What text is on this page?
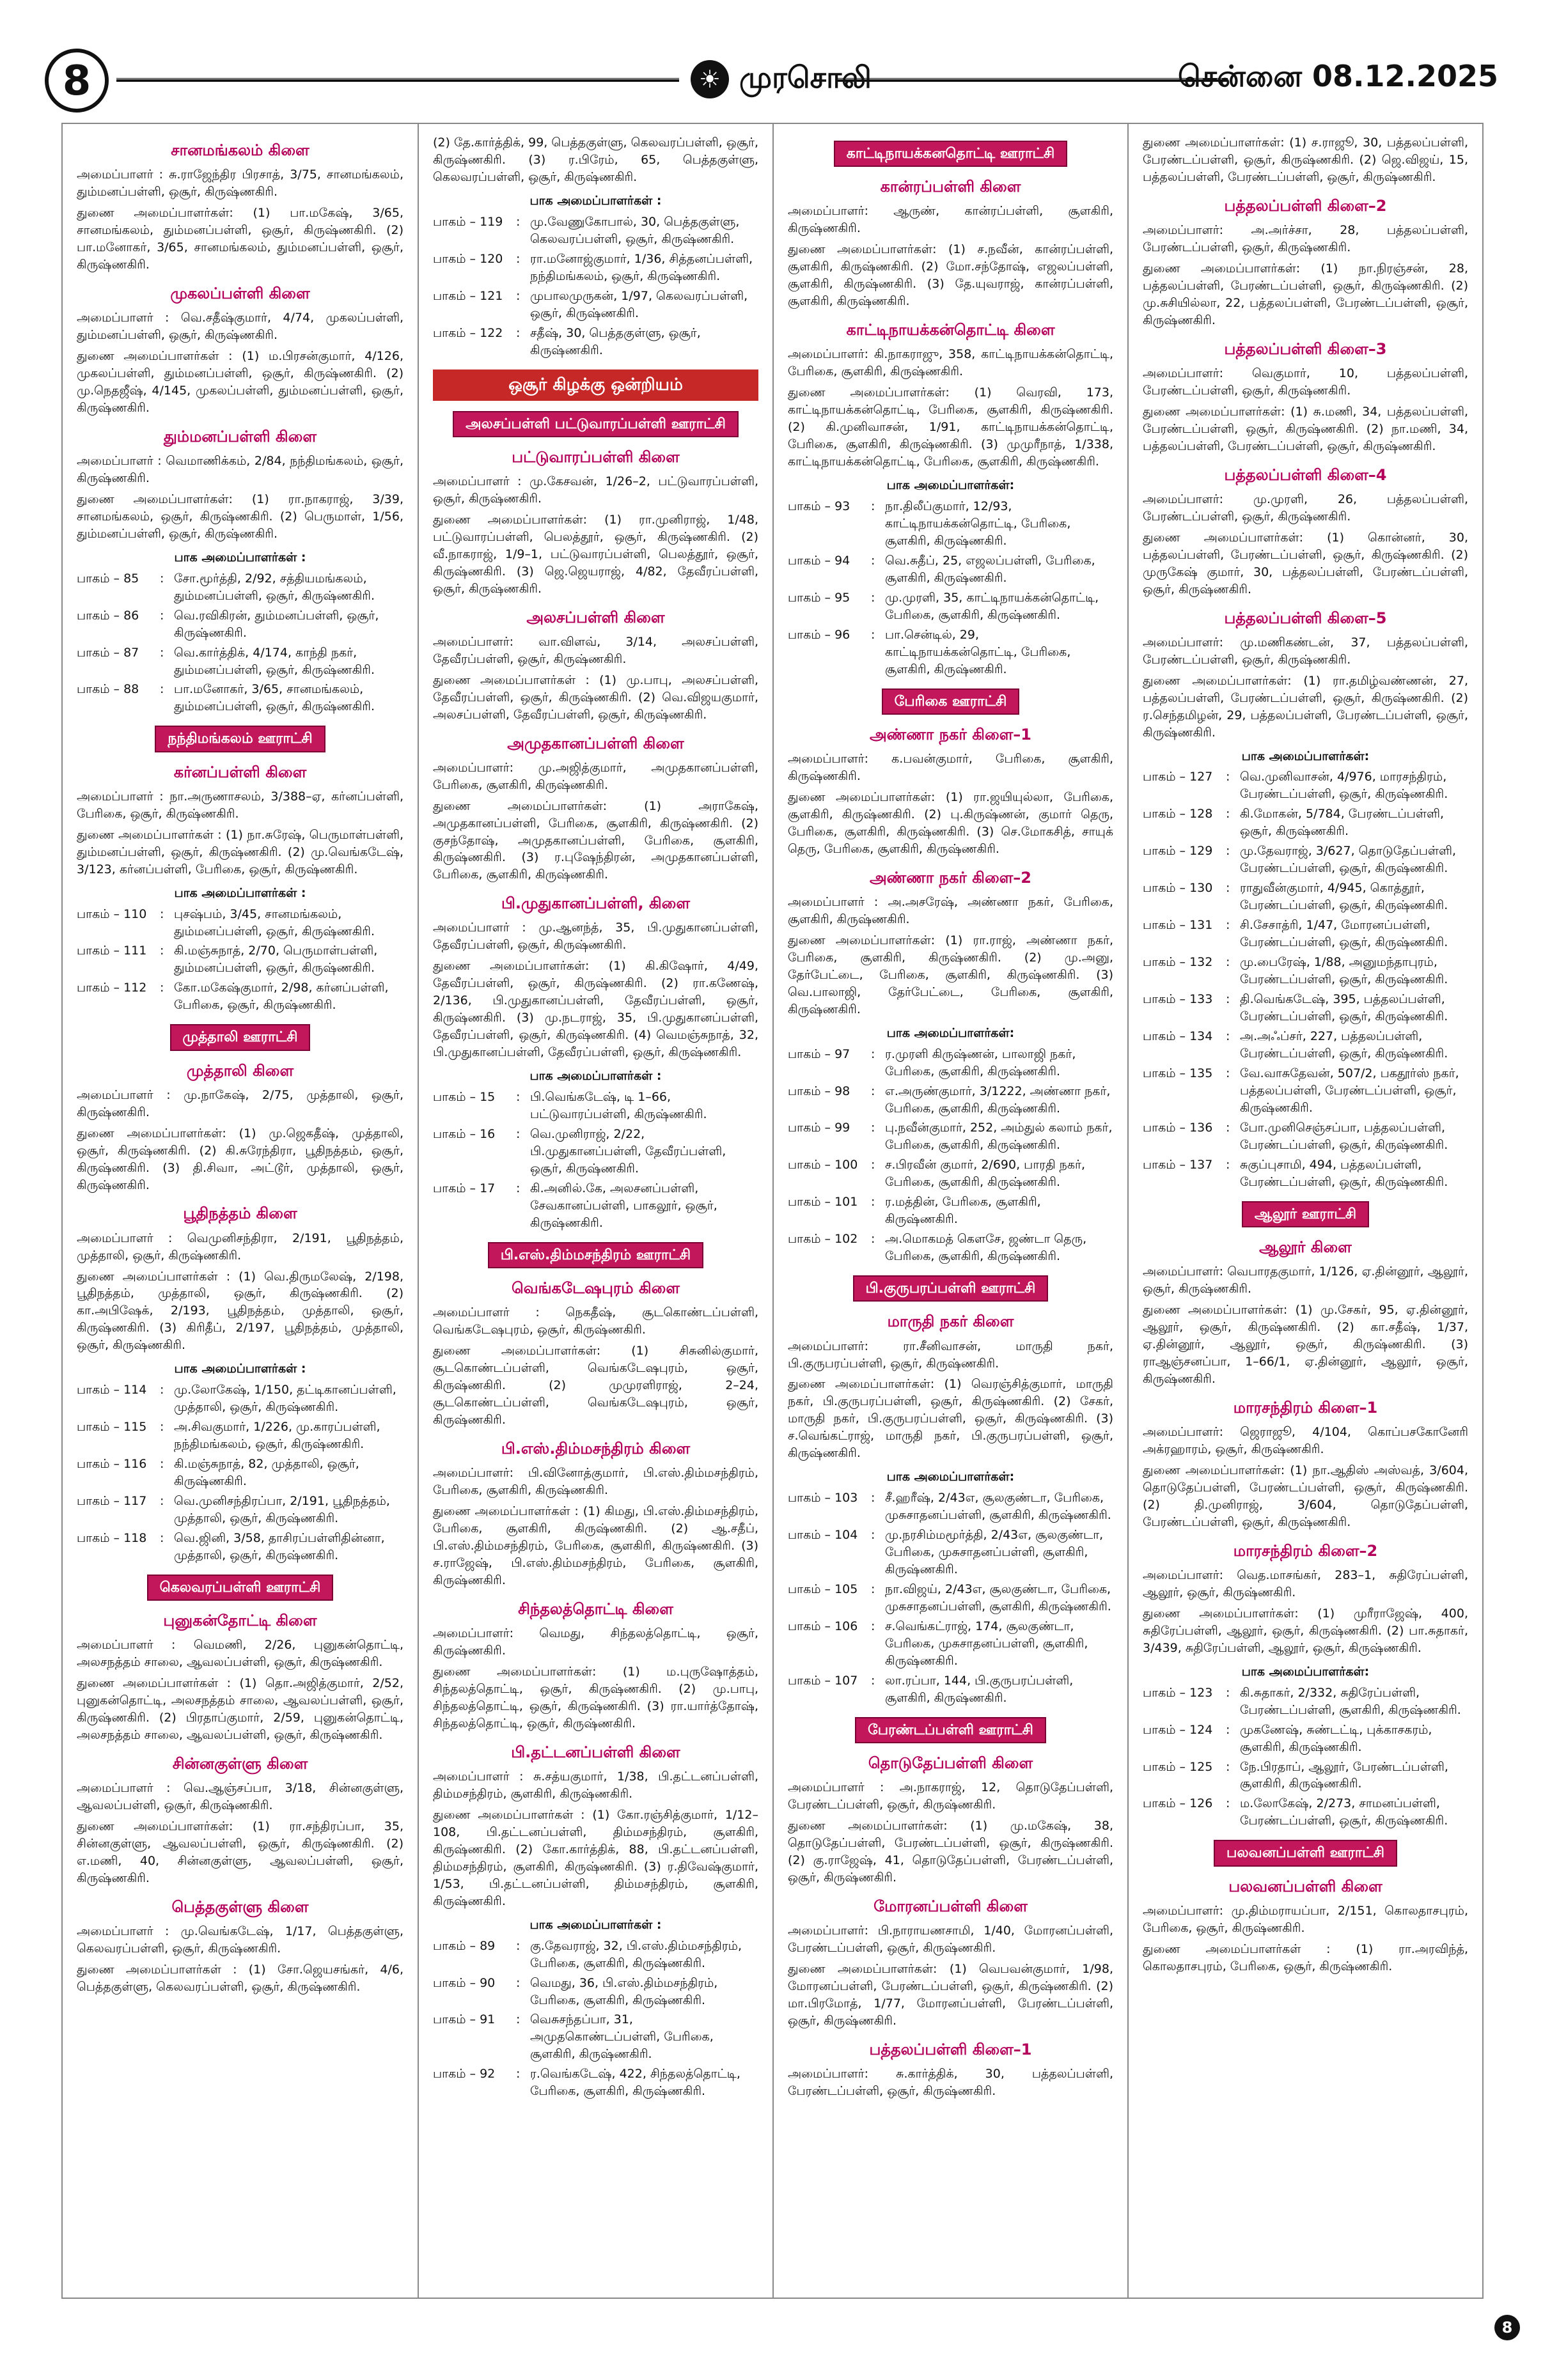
8	☀ முரசொலி	சென்னை 08.12.2025
சானமங்கலம் கிளை

அமைப்பாளர் : சு.ராஜேந்திர பிரசாத், 3/75, சானமங்கலம், தும்மனப்பள்ளி, ஒசூர், கிருஷ்ணகிரி.

துணை அமைப்பாளர்கள்: (1) பா.மகேஷ், 3/65, சானமங்கலம், தும்மனப்பள்ளி, ஒசூர், கிருஷ்ணகிரி. (2) பா.மனோகர், 3/65, சானமங்கலம், தும்மனப்பள்ளி, ஒசூர், கிருஷ்ணகிரி.

முகலப்பள்ளி கிளை

அமைப்பாளர் : வெ.சதீஷ்குமார், 4/74, முகலப்பள்ளி, தும்மனப்பள்ளி, ஒசூர், கிருஷ்ணகிரி.

துணை அமைப்பாளர்கள் : (1) ம.பிரசன்குமார், 4/126, முகலப்பள்ளி, தும்மனப்பள்ளி, ஒசூர், கிருஷ்ணகிரி. (2) மு.நெதஜீஷ், 4/145, முகலப்பள்ளி, தும்மனப்பள்ளி, ஒசூர், கிருஷ்ணகிரி.

தும்மனப்பள்ளி கிளை

அமைப்பாளர் : வெமாணிக்கம், 2/84, நந்திமங்கலம், ஒசூர், கிருஷ்ணகிரி.

துணை அமைப்பாளர்கள்: (1) ரா.நாகராஜ், 3/39, சானமங்கலம், ஒசூர், கிருஷ்ணகிரி. (2) பெருமாள், 1/56, தும்மனப்பள்ளி, ஒசூர், கிருஷ்ணகிரி.

பாக அமைப்பாளர்கள் :
பாகம் – 85	: சோ.மூர்த்தி, 2/92, சத்தியமங்கலம், தும்மனப்பள்ளி, ஒசூர், கிருஷ்ணகிரி.
பாகம் – 86	: வெ.ரவிகிரன், தும்மனப்பள்ளி, ஒசூர், கிருஷ்ணகிரி.
பாகம் – 87	: வெ.கார்த்திக், 4/174, காந்தி நகர், தும்மனப்பள்ளி, ஒசூர், கிருஷ்ணகிரி.
பாகம் – 88	: பா.மனோகர், 3/65, சானமங்கலம், தும்மனப்பள்ளி, ஒசூர், கிருஷ்ணகிரி.
நந்திமங்கலம் ஊராட்சி
கர்னப்பள்ளி கிளை

அமைப்பாளர் : நா.அருணாசலம், 3/388–ஏ, கர்னப்பள்ளி, பேரிகை, ஒசூர், கிருஷ்ணகிரி.

துணை அமைப்பாளர்கள் : (1) நா.சுரேஷ், பெருமாள்பள்ளி, தும்மனப்பள்ளி, ஒசூர், கிருஷ்ணகிரி. (2) மு.வெங்கடேஷ், 3/123, கர்னப்பள்ளி, பேரிகை, ஒசூர், கிருஷ்ணகிரி.

பாக அமைப்பாளர்கள் :
பாகம் – 110	: புசஷ்பம், 3/45, சானமங்கலம், தும்மனப்பள்ளி, ஒசூர், கிருஷ்ணகிரி.
பாகம் – 111	: கி.மஞ்சுநாத், 2/70, பெருமாள்பள்ளி, தும்மனப்பள்ளி, ஒசூர், கிருஷ்ணகிரி.
பாகம் – 112	: கோ.மகேஷ்குமார், 2/98, கர்னப்பள்ளி, பேரிகை, ஒசூர், கிருஷ்ணகிரி.
முத்தாலி ஊராட்சி
முத்தாலி கிளை

அமைப்பாளர் : மு.நாகேஷ், 2/75, முத்தாலி, ஒசூர், கிருஷ்ணகிரி.

துணை அமைப்பாளர்கள்: (1) மு.ஜெகதீஷ், முத்தாலி, ஒசூர், கிருஷ்ணகிரி. (2) கி.சுரேந்திரா, பூதிநத்தம், ஒசூர், கிருஷ்ணகிரி. (3) தி.சிவா, அட்டூர், முத்தாலி, ஒசூர், கிருஷ்ணகிரி.

பூதிநத்தம் கிளை

அமைப்பாளர் : வெமுனிசந்திரா, 2/191, பூதிநத்தம், முத்தாலி, ஒசூர், கிருஷ்ணகிரி.

துணை அமைப்பாளர்கள் : (1) வெ.திருமலேஷ், 2/198, பூதிநத்தம், முத்தாலி, ஒசூர், கிருஷ்ணகிரி. (2) கா.அபிஷேக், 2/193, பூதிநத்தம், முத்தாலி, ஒசூர், கிருஷ்ணகிரி. (3) கிரிதீப், 2/197, பூதிநத்தம், முத்தாலி, ஒசூர், கிருஷ்ணகிரி.

பாக அமைப்பாளர்கள் :
பாகம் – 114	: மு.லோகேஷ், 1/150, தட்டிகானப்பள்ளி, முத்தாலி, ஒசூர், கிருஷ்ணகிரி.
பாகம் – 115	: அ.சிவகுமார், 1/226, மு.காரப்பள்ளி, நந்திமங்கலம், ஒசூர், கிருஷ்ணகிரி.
பாகம் – 116	: கி.மஞ்சுநாத், 82, முத்தாலி, ஒசூர், கிருஷ்ணகிரி.
பாகம் – 117	: வெ.முனிசந்திரப்பா, 2/191, பூதிநத்தம், முத்தாலி, ஒசூர், கிருஷ்ணகிரி.
பாகம் – 118	: வெ.ஜினி, 3/58, தாசிரப்பள்ளிதின்னா, முத்தாலி, ஒசூர், கிருஷ்ணகிரி.
கெலவரப்பள்ளி ஊராட்சி
புனுகன்தோட்டி கிளை

அமைப்பாளர் : வெமணி, 2/26, புனுகன்தொட்டி, அலசநத்தம் சாலை, ஆவலப்பள்ளி, ஒசூர், கிருஷ்ணகிரி.

துணை அமைப்பாளர்கள் : (1) தொ.அஜித்குமார், 2/52, புனுகன்தொட்டி, அலசநத்தம் சாலை, ஆவலப்பள்ளி, ஒசூர், கிருஷ்ணகிரி. (2) பிரதாப்குமார், 2/59, புனுகன்தொட்டி, அலசநத்தம் சாலை, ஆவலப்பள்ளி, ஒசூர், கிருஷ்ணகிரி.

சின்னகுள்ளு கிளை

அமைப்பாளர் : வெ.ஆஞ்சப்பா, 3/18, சின்னகுள்ளு, ஆவலப்பள்ளி, ஒசூர், கிருஷ்ணகிரி.

துணை அமைப்பாளர்கள்: (1) ரா.சந்திரப்பா, 35, சின்னகுள்ளு, ஆவலப்பள்ளி, ஒசூர், கிருஷ்ணகிரி. (2) எ.மணி, 40, சின்னகுள்ளு, ஆவலப்பள்ளி, ஒசூர், கிருஷ்ணகிரி.

பெத்தகுள்ளு கிளை

அமைப்பாளர் : மு.வெங்கடேஷ், 1/17, பெத்தகுள்ளு, கெலவரப்பள்ளி, ஒசூர், கிருஷ்ணகிரி.

துணை அமைப்பாளர்கள் : (1) சோ.ஜெயசங்கர், 4/6, பெத்தகுள்ளு, கெலவரப்பள்ளி, ஒசூர், கிருஷ்ணகிரி.

(2) தே.கார்த்திக், 99, பெத்தகுள்ளு, கெலவரப்பள்ளி, ஒசூர், கிருஷ்ணகிரி. (3) ர.பிரேம், 65, பெத்தகுள்ளு, கெலவரப்பள்ளி, ஒசூர், கிருஷ்ணகிரி.

பாக அமைப்பாளர்கள் :
பாகம் – 119	: மு.வேணுகோபால், 30, பெத்தகுள்ளு, கெலவரப்பள்ளி, ஒசூர், கிருஷ்ணகிரி.
பாகம் – 120	: ரா.மனோஜ்குமார், 1/36, சித்தனப்பள்ளி, நந்திமங்கலம், ஒசூர், கிருஷ்ணகிரி.
பாகம் – 121	: முபாலமுருகன், 1/97, கெலவரப்பள்ளி, ஒசூர், கிருஷ்ணகிரி.
பாகம் – 122	: சதீஷ், 30, பெத்தகுள்ளு, ஒசூர், கிருஷ்ணகிரி.
ஒசூர் கிழக்கு ஒன்றியம்
அலசப்பள்ளி பட்டுவாரப்பள்ளி ஊராட்சி
பட்டுவாரப்பள்ளி கிளை

அமைப்பாளர் : மு.கேசவன், 1/26–2, பட்டுவாரப்பள்ளி, ஒசூர், கிருஷ்ணகிரி.

துணை அமைப்பாளர்கள்: (1) ரா.முனிராஜ், 1/48, பட்டுவாரப்பள்ளி, பெலத்தூர், ஒசூர், கிருஷ்ணகிரி. (2) வீ.நாகராஜ், 1/9–1, பட்டுவாரப்பள்ளி, பெலத்தூர், ஒசூர், கிருஷ்ணகிரி. (3) ஜெ.ஜெயராஜ், 4/82, தேவீரப்பள்ளி, ஒசூர், கிருஷ்ணகிரி.

அலசப்பள்ளி கிளை

அமைப்பாளர்: வா.விளவ், 3/14, அலசப்பள்ளி, தேவீரப்பள்ளி, ஒசூர், கிருஷ்ணகிரி.

துணை அமைப்பாளர்கள் : (1) மு.பாபு, அலசப்பள்ளி, தேவீரப்பள்ளி, ஒசூர், கிருஷ்ணகிரி. (2) வெ.விஜயகுமார், அலசப்பள்ளி, தேவீரப்பள்ளி, ஒசூர், கிருஷ்ணகிரி.

அமுதகானப்பள்ளி கிளை

அமைப்பாளர்: மு.அஜித்குமார், அமுதகானப்பள்ளி, பேரிகை, சூளகிரி, கிருஷ்ணகிரி.

துணை அமைப்பாளர்கள்: (1) அராகேஷ், அமுதகானப்பள்ளி, பேரிகை, சூளகிரி, கிருஷ்ணகிரி. (2) குசந்தோஷ், அமுதகானப்பள்ளி, பேரிகை, சூளகிரி, கிருஷ்ணகிரி. (3) ர.புஷேந்திரன், அமுதகானப்பள்ளி, பேரிகை, சூளகிரி, கிருஷ்ணகிரி.

பி.முதுகானப்பள்ளி, கிளை

அமைப்பாளர் : மு.ஆனந்த், 35, பி.முதுகானப்பள்ளி, தேவீரப்பள்ளி, ஒசூர், கிருஷ்ணகிரி.

துணை அமைப்பாளர்கள்: (1) கி.கிஷோர், 4/49, தேவீரப்பள்ளி, ஒசூர், கிருஷ்ணகிரி. (2) ரா.கணேஷ், 2/136, பி.முதுகானப்பள்ளி, தேவீரப்பள்ளி, ஒசூர், கிருஷ்ணகிரி. (3) மு.நடராஜ், 35, பி.முதுகானப்பள்ளி, தேவீரப்பள்ளி, ஒசூர், கிருஷ்ணகிரி. (4) வெமஞ்சுநாத், 32, பி.முதுகானப்பள்ளி, தேவீரப்பள்ளி, ஒசூர், கிருஷ்ணகிரி.

பாக அமைப்பாளர்கள் :
பாகம் – 15	: பி.வெங்கடேஷ், டி 1–66, பட்டுவாரப்பள்ளி, கிருஷ்ணகிரி.
பாகம் – 16	: வெ.முனிராஜ், 2/22, பி.முதுகானப்பள்ளி, தேவீரப்பள்ளி, ஒசூர், கிருஷ்ணகிரி.
பாகம் – 17	: கி.அனில்.கே, அலசனப்பள்ளி, சேவகானப்பள்ளி, பாகலூர், ஒசூர், கிருஷ்ணகிரி.
பி.எஸ்.திம்மசந்திரம் ஊராட்சி
வெங்கடேஷபுரம் கிளை

அமைப்பாளர் : நெகதீஷ், சூடகொண்டப்பள்ளி, வெங்கடேஷபுரம், ஒசூர், கிருஷ்ணகிரி.

துணை அமைப்பாளர்கள்: (1) சிசுனில்குமார், சூடகொண்டப்பள்ளி, வெங்கடேஷபுரம், ஒசூர், கிருஷ்ணகிரி. (2) முமுரளிராஜ், 2–24, சூடகொண்டப்பள்ளி, வெங்கடேஷபுரம், ஒசூர், கிருஷ்ணகிரி.

பி.எஸ்.திம்மசந்திரம் கிளை

அமைப்பாளர்: பி.வினோத்குமார், பி.எஸ்.திம்மசந்திரம், பேரிகை, சூளகிரி, கிருஷ்ணகிரி.

துணை அமைப்பாளர்கள் : (1) கிமது, பி.எஸ்.திம்மசந்திரம், பேரிகை, சூளகிரி, கிருஷ்ணகிரி. (2) ஆ.சதீப், பி.எஸ்.திம்மசந்திரம், பேரிகை, சூளகிரி, கிருஷ்ணகிரி. (3) ச.ராஜேஷ், பி.எஸ்.திம்மசந்திரம், பேரிகை, சூளகிரி, கிருஷ்ணகிரி.

சிந்தலத்தொட்டி கிளை

அமைப்பாளர்: வெமது, சிந்தலத்தொட்டி, ஒசூர், கிருஷ்ணகிரி.

துணை அமைப்பாளர்கள்: (1) ம.புருஷோத்தம், சிந்தலத்தொட்டி, ஒசூர், கிருஷ்ணகிரி. (2) மு.பாபு, சிந்தலத்தொட்டி, ஒசூர், கிருஷ்ணகிரி. (3) ரா.யார்த்தோஷ், சிந்தலத்தொட்டி, ஒசூர், கிருஷ்ணகிரி.

பி.தட்டனப்பள்ளி கிளை

அமைப்பாளர் : சு.சத்யகுமார், 1/38, பி.தட்டனப்பள்ளி, திம்மசந்திரம், சூளகிரி, கிருஷ்ணகிரி.

துணை அமைப்பாளர்கள் : (1) கோ.ரஞ்சித்குமார், 1/12–108, பி.தட்டனப்பள்ளி, திம்மசந்திரம், சூளகிரி, கிருஷ்ணகிரி. (2) கோ.கார்த்திக், 88, பி.தட்டனப்பள்ளி, திம்மசந்திரம், சூளகிரி, கிருஷ்ணகிரி. (3) ர.திவேஷ்குமார், 1/53, பி.தட்டனப்பள்ளி, திம்மசந்திரம், சூளகிரி, கிருஷ்ணகிரி.

பாக அமைப்பாளர்கள் :
பாகம் – 89	: கு.தேவராஜ், 32, பி.எஸ்.திம்மசந்திரம், பேரிகை, சூளகிரி, கிருஷ்ணகிரி.
பாகம் – 90	: வெமது, 36, பி.எஸ்.திம்மசந்திரம், பேரிகை, சூளகிரி, கிருஷ்ணகிரி.
பாகம் – 91	: வெசுசந்தப்பா, 31, அமுதகொண்டப்பள்ளி, பேரிகை, சூளகிரி, கிருஷ்ணகிரி.
பாகம் – 92	: ர.வெங்கடேஷ், 422, சிந்தலத்தொட்டி, பேரிகை, சூளகிரி, கிருஷ்ணகிரி.
காட்டிநாயக்கனதொட்டி ஊராட்சி
கான்ரப்பள்ளி கிளை

அமைப்பாளர்: ஆருண், கான்ரப்பள்ளி, சூளகிரி, கிருஷ்ணகிரி.

துணை அமைப்பாளர்கள்: (1) ச.நவீன், கான்ரப்பள்ளி, சூளகிரி, கிருஷ்ணகிரி. (2) மோ.சந்தோஷ், எஜலப்பள்ளி, சூளகிரி, கிருஷ்ணகிரி. (3) தே.யுவராஜ், கான்ரப்பள்ளி, சூளகிரி, கிருஷ்ணகிரி.

காட்டிநாயக்கன்தொட்டி கிளை

அமைப்பாளர்: கி.நாகராஜு, 358, காட்டிநாயக்கன்தொட்டி, பேரிகை, சூளகிரி, கிருஷ்ணகிரி.

துணை அமைப்பாளர்கள்: (1) வெரவி, 173, காட்டிநாயக்கன்தொட்டி, பேரிகை, சூளகிரி, கிருஷ்ணகிரி. (2) கி.முனிவாசன், 1/91, காட்டிநாயக்கன்தொட்டி, பேரிகை, சூளகிரி, கிருஷ்ணகிரி. (3) முமுரீநாத், 1/338, காட்டிநாயக்கன்தொட்டி, பேரிகை, சூளகிரி, கிருஷ்ணகிரி.

பாக அமைப்பாளர்கள்:
பாகம் – 93	: நா.திலீப்குமார், 12/93, காட்டிநாயக்கன்தொட்டி, பேரிகை, சூளகிரி, கிருஷ்ணகிரி.
பாகம் – 94	: வெ.சுதீப், 25, எஜலப்பள்ளி, பேரிகை, சூளகிரி, கிருஷ்ணகிரி.
பாகம் – 95	: மு.முரளி, 35, காட்டிநாயக்கன்தொட்டி, பேரிகை, சூளகிரி, கிருஷ்ணகிரி.
பாகம் – 96	: பா.சென்டில், 29, காட்டிநாயக்கன்தொட்டி, பேரிகை, சூளகிரி, கிருஷ்ணகிரி.
பேரிகை ஊராட்சி
அண்ணா நகர் கிளை–1

அமைப்பாளர்: க.பவன்குமார், பேரிகை, சூளகிரி, கிருஷ்ணகிரி.

துணை அமைப்பாளர்கள்: (1) ரா.ஜயியுல்லா, பேரிகை, சூளகிரி, கிருஷ்ணகிரி. (2) பு.கிருஷ்ணன், குமார் தெரு, பேரிகை, சூளகிரி, கிருஷ்ணகிரி. (3) செ.மோகசித், சாயுக் தெரு, பேரிகை, சூளகிரி, கிருஷ்ணகிரி.

அண்ணா நகர் கிளை–2

அமைப்பாளர் : அ.அசரேஷ், அண்ணா நகர், பேரிகை, சூளகிரி, கிருஷ்ணகிரி.

துணை அமைப்பாளர்கள்: (1) ரா.ராஜ், அண்ணா நகர், பேரிகை, சூளகிரி, கிருஷ்ணகிரி. (2) மு.அனு, தேர்பேட்டை, பேரிகை, சூளகிரி, கிருஷ்ணகிரி. (3) வெ.பாலாஜி, தேர்பேட்டை, பேரிகை, சூளகிரி, கிருஷ்ணகிரி.

பாக அமைப்பாளர்கள்:
பாகம் – 97	: ர.முரளி கிருஷ்ணன், பாலாஜி நகர், பேரிகை, சூளகிரி, கிருஷ்ணகிரி.
பாகம் – 98	: எ.அருண்குமார், 3/1222, அண்ணா நகர், பேரிகை, சூளகிரி, கிருஷ்ணகிரி.
பாகம் – 99	: பு.நவீன்குமார், 252, அம்துல் கலாம் நகர், பேரிகை, சூளகிரி, கிருஷ்ணகிரி.
பாகம் – 100	: ச.பிரவீன் குமார், 2/690, பாரதி நகர், பேரிகை, சூளகிரி, கிருஷ்ணகிரி.
பாகம் – 101	: ர.மத்தின், பேரிகை, சூளகிரி, கிருஷ்ணகிரி.
பாகம் – 102	: அ.மொகமத் கௌசே, ஜண்டா தெரு, பேரிகை, சூளகிரி, கிருஷ்ணகிரி.
பி.குருபரப்பள்ளி ஊராட்சி
மாருதி நகர் கிளை

அமைப்பாளர்: ரா.சீனிவாசன், மாருதி நகர், பி.குருபரப்பள்ளி, ஒசூர், கிருஷ்ணகிரி.

துணை அமைப்பாளர்கள்: (1) வெரஞ்சித்குமார், மாருதி நகர், பி.குருபரப்பள்ளி, ஒசூர், கிருஷ்ணகிரி. (2) சேகர், மாருதி நகர், பி.குருபரப்பள்ளி, ஒசூர், கிருஷ்ணகிரி. (3) ச.வெங்கட்ராஜ், மாருதி நகர், பி.குருபரப்பள்ளி, ஒசூர், கிருஷ்ணகிரி.

பாக அமைப்பாளர்கள்:
பாகம் – 103	: சீ.ஹரீஷ், 2/43எ, சூலகுண்டா, பேரிகை, முசுசாதனப்பள்ளி, சூளகிரி, கிருஷ்ணகிரி.
பாகம் – 104	: மு.நரசிம்மமூர்த்தி, 2/43எ, சூலகுண்டா, பேரிகை, முசுசாதனப்பள்ளி, சூளகிரி, கிருஷ்ணகிரி.
பாகம் – 105	: நா.விஜய், 2/43எ, சூலகுண்டா, பேரிகை, முசுசாதனப்பள்ளி, சூளகிரி, கிருஷ்ணகிரி.
பாகம் – 106	: ச.வெங்கட்ராஜ், 174, சூலகுண்டா, பேரிகை, முசுசாதனப்பள்ளி, சூளகிரி, கிருஷ்ணகிரி.
பாகம் – 107	: லா.ரப்பா, 144, பி.குருபரப்பள்ளி, சூளகிரி, கிருஷ்ணகிரி.
பேரண்டப்பள்ளி ஊராட்சி
தொடுதேப்பள்ளி கிளை

அமைப்பாளர் : அ.நாகராஜ், 12, தொடுதேப்பள்ளி, பேரண்டப்பள்ளி, ஒசூர், கிருஷ்ணகிரி.

துணை அமைப்பாளர்கள்: (1) மு.மகேஷ், 38, தொடுதேப்பள்ளி, பேரண்டப்பள்ளி, ஒசூர், கிருஷ்ணகிரி. (2) கு.ராஜேஷ், 41, தொடுதேப்பள்ளி, பேரண்டப்பள்ளி, ஒசூர், கிருஷ்ணகிரி.

மோரனப்பள்ளி கிளை

அமைப்பாளர்: பி.நாராயணசாமி, 1/40, மோரனப்பள்ளி, பேரண்டப்பள்ளி, ஒசூர், கிருஷ்ணகிரி.

துணை அமைப்பாளர்கள்: (1) வெபவன்குமார், 1/98, மோரனப்பள்ளி, பேரண்டப்பள்ளி, ஒசூர், கிருஷ்ணகிரி. (2) மா.பிரமோத், 1/77, மோரனப்பள்ளி, பேரண்டப்பள்ளி, ஒசூர், கிருஷ்ணகிரி.

பத்தலப்பள்ளி கிளை–1

அமைப்பாளர்: சு.கார்த்திக், 30, பத்தலப்பள்ளி, பேரண்டப்பள்ளி, ஒசூர், கிருஷ்ணகிரி.

துணை அமைப்பாளர்கள்: (1) ச.ராஜூ, 30, பத்தலப்பள்ளி, பேரண்டப்பள்ளி, ஒசூர், கிருஷ்ணகிரி. (2) ஜெ.விஜய், 15, பத்தலப்பள்ளி, பேரண்டப்பள்ளி, ஒசூர், கிருஷ்ணகிரி.

பத்தலப்பள்ளி கிளை–2

அமைப்பாளர்: அ.அர்ச்சா, 28, பத்தலப்பள்ளி, பேரண்டப்பள்ளி, ஒசூர், கிருஷ்ணகிரி.

துணை அமைப்பாளர்கள்: (1) நா.நிரஞ்சன், 28, பத்தலப்பள்ளி, பேரண்டப்பள்ளி, ஒசூர், கிருஷ்ணகிரி. (2) மு.சுசியில்லா, 22, பத்தலப்பள்ளி, பேரண்டப்பள்ளி, ஒசூர், கிருஷ்ணகிரி.

பத்தலப்பள்ளி கிளை–3

அமைப்பாளர்: வெகுமார், 10, பத்தலப்பள்ளி, பேரண்டப்பள்ளி, ஒசூர், கிருஷ்ணகிரி.

துணை அமைப்பாளர்கள்: (1) சு.மணி, 34, பத்தலப்பள்ளி, பேரண்டப்பள்ளி, ஒசூர், கிருஷ்ணகிரி. (2) நா.மணி, 34, பத்தலப்பள்ளி, பேரண்டப்பள்ளி, ஒசூர், கிருஷ்ணகிரி.

பத்தலப்பள்ளி கிளை–4

அமைப்பாளர்: மு.முரளி, 26, பத்தலப்பள்ளி, பேரண்டப்பள்ளி, ஒசூர், கிருஷ்ணகிரி.

துணை அமைப்பாளர்கள்: (1) கொன்னர், 30, பத்தலப்பள்ளி, பேரண்டப்பள்ளி, ஒசூர், கிருஷ்ணகிரி. (2) முருகேஷ் குமார், 30, பத்தலப்பள்ளி, பேரண்டப்பள்ளி, ஒசூர், கிருஷ்ணகிரி.

பத்தலப்பள்ளி கிளை–5

அமைப்பாளர்: மு.மணிகண்டன், 37, பத்தலப்பள்ளி, பேரண்டப்பள்ளி, ஒசூர், கிருஷ்ணகிரி.

துணை அமைப்பாளர்கள்: (1) ரா.தமிழ்வண்ணன், 27, பத்தலப்பள்ளி, பேரண்டப்பள்ளி, ஒசூர், கிருஷ்ணகிரி. (2) ர.செந்தமிழன், 29, பத்தலப்பள்ளி, பேரண்டப்பள்ளி, ஒசூர், கிருஷ்ணகிரி.

பாக அமைப்பாளர்கள்:
பாகம் – 127	: வெ.முனிவாசன், 4/976, மாரசந்திரம், பேரண்டப்பள்ளி, ஒசூர், கிருஷ்ணகிரி.
பாகம் – 128	: கி.மோகன், 5/784, பேரண்டப்பள்ளி, ஒசூர், கிருஷ்ணகிரி.
பாகம் – 129	: மு.தேவராஜ், 3/627, தொடுதேப்பள்ளி, பேரண்டப்பள்ளி, ஒசூர், கிருஷ்ணகிரி.
பாகம் – 130	: ராதுவீன்குமார், 4/945, கொத்தூர், பேரண்டப்பள்ளி, ஒசூர், கிருஷ்ணகிரி.
பாகம் – 131	: சி.சேசாத்ரி, 1/47, மோரனப்பள்ளி, பேரண்டப்பள்ளி, ஒசூர், கிருஷ்ணகிரி.
பாகம் – 132	: மு.பைரேஷ், 1/88, அனுமந்தாபுரம், பேரண்டப்பள்ளி, ஒசூர், கிருஷ்ணகிரி.
பாகம் – 133	: தி.வெங்கடேஷ், 395, பத்தலப்பள்ளி, பேரண்டப்பள்ளி, ஒசூர், கிருஷ்ணகிரி.
பாகம் – 134	: அ.அஃப்சர், 227, பத்தலப்பள்ளி, பேரண்டப்பள்ளி, ஒசூர், கிருஷ்ணகிரி.
பாகம் – 135	: வே.வாசுதேவன், 507/2, பகதூர்ஸ் நகர், பத்தலப்பள்ளி, பேரண்டப்பள்ளி, ஒசூர், கிருஷ்ணகிரி.
பாகம் – 136	: போ.முனிசெஞ்சப்பா, பத்தலப்பள்ளி, பேரண்டப்பள்ளி, ஒசூர், கிருஷ்ணகிரி.
பாகம் – 137	: சுகுப்புசாமி, 494, பத்தலப்பள்ளி, பேரண்டப்பள்ளி, ஒசூர், கிருஷ்ணகிரி.
ஆலூர் ஊராட்சி
ஆலூர் கிளை

அமைப்பாளர்: வெபாரதகுமார், 1/126, ஏ.தின்னூர், ஆலூர், ஒசூர், கிருஷ்ணகிரி.

துணை அமைப்பாளர்கள்: (1) மு.சேகர், 95, ஏ.தின்னூர், ஆலூர், ஒசூர், கிருஷ்ணகிரி. (2) கா.சதீஷ், 1/37, ஏ.தின்னூர், ஆலூர், ஒசூர், கிருஷ்ணகிரி. (3) ராஆஞ்சனப்பா, 1–66/1, ஏ.தின்னூர், ஆலூர், ஒசூர், கிருஷ்ணகிரி.

மாரசந்திரம் கிளை–1

அமைப்பாளர்: ஜெராஜூ, 4/104, கொப்பசகோனேரி அக்ரஹாரம், ஒசூர், கிருஷ்ணகிரி.

துணை அமைப்பாளர்கள்: (1) நா.ஆதிஸ் அஸ்வத், 3/604, தொடுதேப்பள்ளி, பேரண்டப்பள்ளி, ஒசூர், கிருஷ்ணகிரி. (2) தி.முனிராஜ், 3/604, தொடுதேப்பள்ளி, பேரண்டப்பள்ளி, ஒசூர், கிருஷ்ணகிரி.

மாரசந்திரம் கிளை–2

அமைப்பாளர்: வெத.மாசங்கர், 283–1, சுதிரேப்பள்ளி, ஆலூர், ஒசூர், கிருஷ்ணகிரி.

துணை அமைப்பாளர்கள்: (1) முரீராஜேஷ், 400, சுதிரேப்பள்ளி, ஆலூர், ஒசூர், கிருஷ்ணகிரி. (2) பா.சுதாகர், 3/439, சுதிரேப்பள்ளி, ஆலூர், ஒசூர், கிருஷ்ணகிரி.

பாக அமைப்பாளர்கள்:
பாகம் – 123	: கி.சுதாகர், 2/332, சுதிரேப்பள்ளி, பேரண்டப்பள்ளி, சூளகிரி, கிருஷ்ணகிரி.
பாகம் – 124	: முகணேஷ், சுண்டட்டி, புக்காசகரம், சூளகிரி, கிருஷ்ணகிரி.
பாகம் – 125	: நே.பிரதாப், ஆலூர், பேரண்டப்பள்ளி, சூளகிரி, கிருஷ்ணகிரி.
பாகம் – 126	: ம.லோகேஷ், 2/273, சாமனப்பள்ளி, பேரண்டப்பள்ளி, ஒசூர், கிருஷ்ணகிரி.
பலவனப்பள்ளி ஊராட்சி
பலவனப்பள்ளி கிளை

அமைப்பாளர்: மு.திம்மராயப்பா, 2/151, கொலதாசபுரம், பேரிகை, ஒசூர், கிருஷ்ணகிரி.

துணை அமைப்பாளர்கள் : (1) ரா.அரவிந்த், கொலதாசபுரம், பேரிகை, ஒசூர், கிருஷ்ணகிரி.

8
